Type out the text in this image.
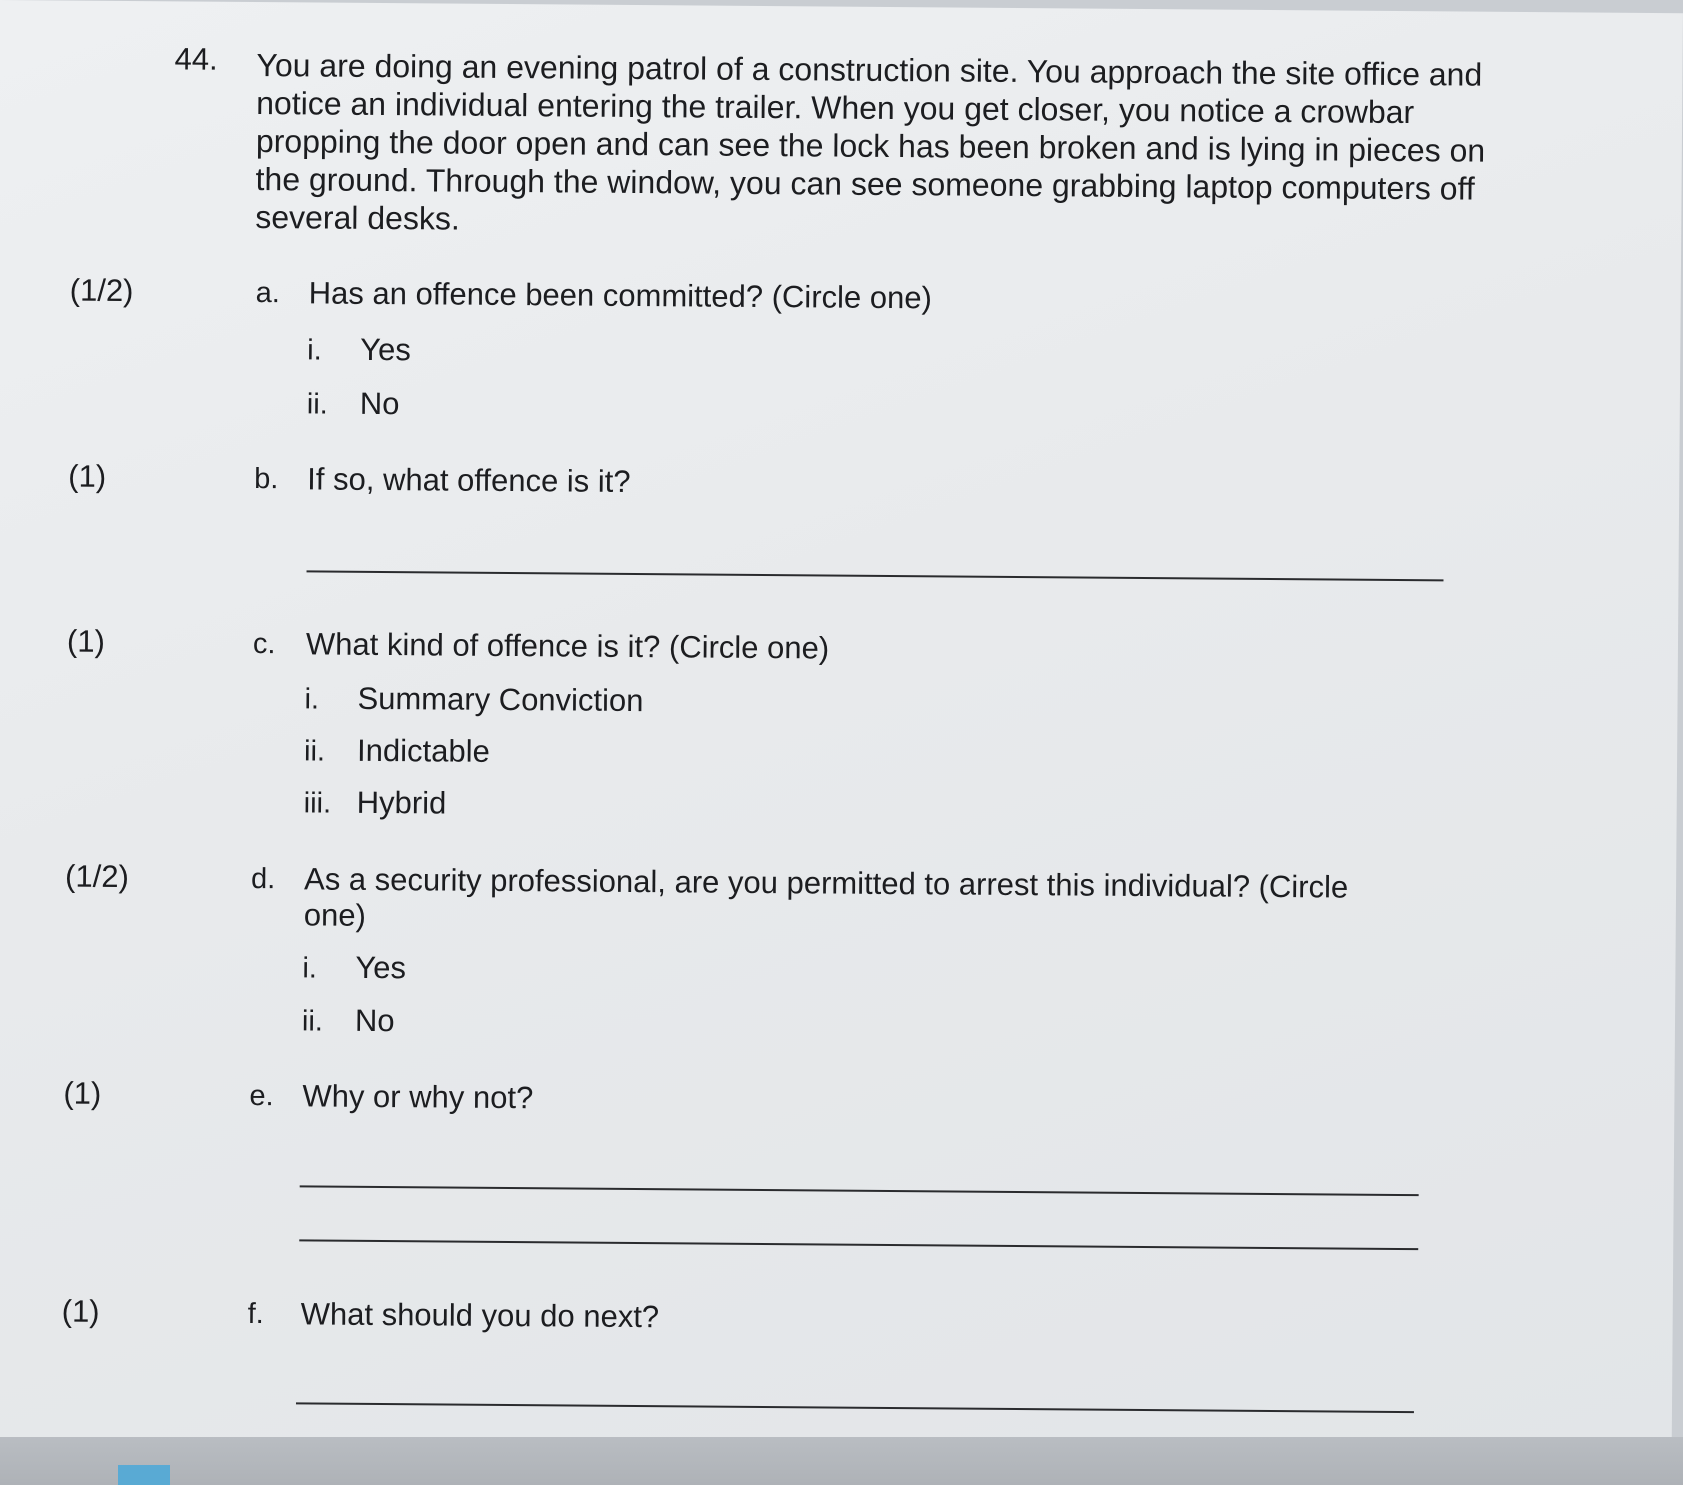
44. You are doing an evening patrol of a construction site. You approach the site office and notice an individual entering the trailer. When you get closer, you notice a crowbar propping the door open and can see the lock has been broken and is lying in pieces on the ground. Through the window, you can see someone grabbing laptop computers off several desks.
(1/2)	a. Has an offence been committed? (Circle one)
i. Yes
ii. No
(1)	b. If so, what offence is it?
(1)	c. What kind of offence is it? (Circle one)
i. Summary Conviction
ii. Indictable
iii. Hybrid
(1/2)	d. As a security professional, are you permitted to arrest this individual? (Circle one)
i. Yes
ii. No
(1)	e. Why or why not?
(1)	f. What should you do next?
